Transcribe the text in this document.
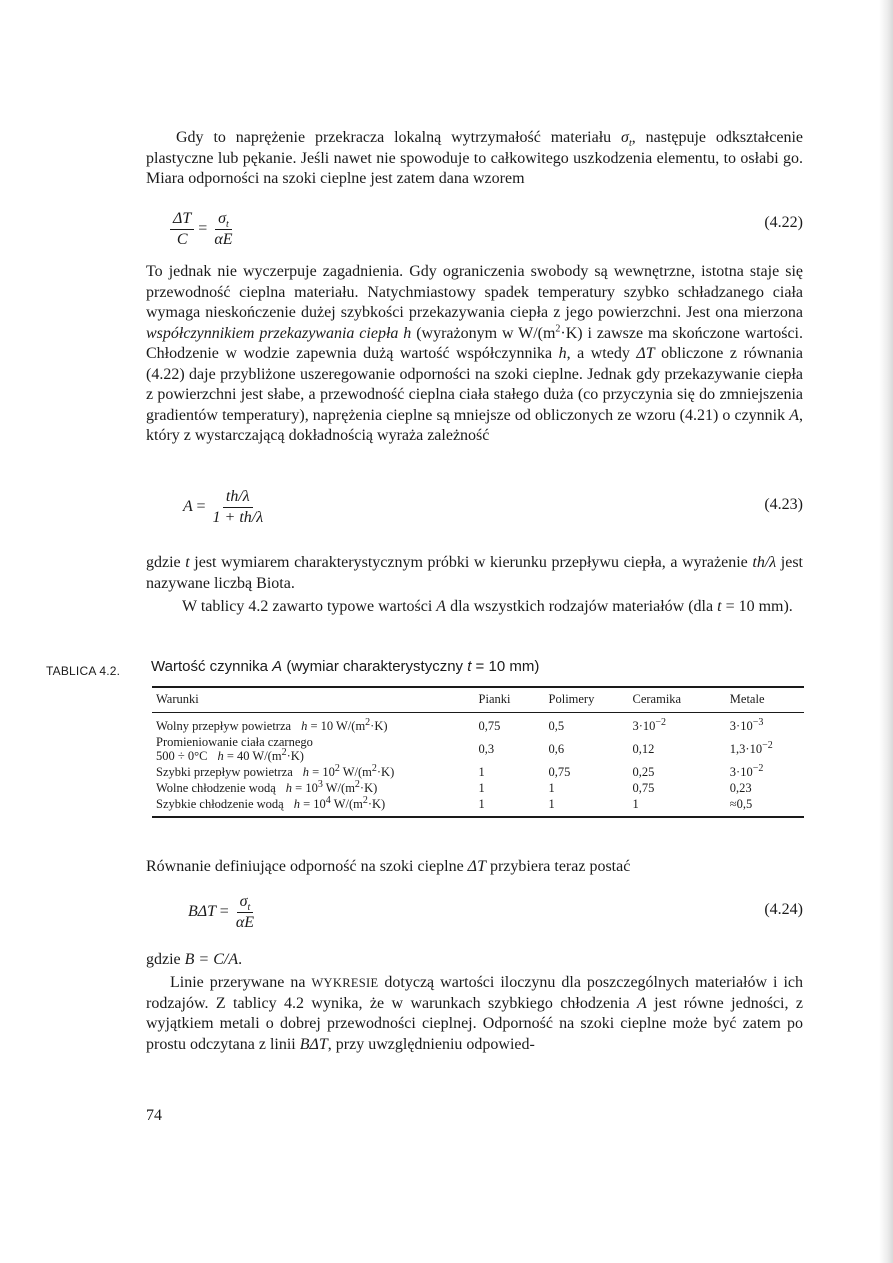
Gdy to naprężenie przekracza lokalną wytrzymałość materiału $\sigma_t$, następuje odkształcenie plastyczne lub pękanie. Jeśli nawet nie spowoduje to całkowitego uszkodzenia elementu, to osłabi go. Miara odporności na szoki cieplne jest zatem dana wzorem

$\frac{\Delta T}{C} = \frac{\sigma_t}{\alpha E}$	(4.22)

To jednak nie wyczerpuje zagadnienia. Gdy ograniczenia swobody są wewnętrzne, istotna staje się przewodność cieplna materiału. Natychmiastowy spadek temperatury szybko schładzanego ciała wymaga nieskończenie dużej szybkości przekazywania ciepła z jego powierzchni. Jest ona mierzona współczynnikiem przekazywania ciepła h (wyrażonym w $W/(m^2\cdot K)$ i zawsze ma skończone wartości. Chłodzenie w wodzie zapewnia dużą wartość współczynnika h, a wtedy ΔT obliczone z równania (4.22) daje przybliżone uszeregowanie odporności na szoki cieplne. Jednak gdy przekazywanie ciepła z powierzchni jest słabe, a przewodność cieplna ciała stałego duża (co przyczynia się do zmniejszenia gradientów temperatury), naprężenia cieplne są mniejsze od obliczonych ze wzoru (4.21) o czynnik A, który z wystarczającą dokładnością wyraża zależność

$A = \frac{th/\lambda}{1 + th/\lambda}$	(4.23)

gdzie t jest wymiarem charakterystycznym próbki w kierunku przepływu ciepła, a wyrażenie th/λ jest nazywane liczbą Biota.

W tablicy 4.2 zawarto typowe wartości A dla wszystkich rodzajów materiałów (dla t = 10 mm).

TABLICA 4.2. Wartość czynnika A (wymiar charakterystyczny t = 10 mm)
Warunki	Pianki	Polimery	Ceramika	Metale
Wolny przepływ powietrza h = 10 $W/(m^2\cdot K)$	0,75	0,5	$3\cdot 10^{-2}$	$3\cdot 10^{-3}$

Promieniowanie ciała czarnego
500 ÷ 0°C h = 40 $W/(m^2\cdot K)$	0,3	0,6	0,12	$1,3\cdot 10^{-2}$
Szybki przepływ powietrza $h = 10^2$ $W/(m^2\cdot K)$	1	0,75	0,25	$3\cdot 10^{-2}$
Wolne chłodzenie wodą $h = 10^3$ $W/(m^2\cdot K)$	1	1	0,75	0,23
Szybkie chłodzenie wodą $h = 10^4$ $W/(m^2\cdot K)$	1	1	1	≈0,5

Równanie definiujące odporność na szoki cieplne ΔT przybiera teraz postać

$B\Delta T = \frac{\sigma_t}{\alpha E}$	(4.24)

gdzie B = C/A.

Linie przerywane na WYKRESIE dotyczą wartości iloczynu dla poszczególnych materiałów i ich rodzajów. Z tablicy 4.2 wynika, że w warunkach szybkiego chłodzenia A jest równe jedności, z wyjątkiem metali o dobrej przewodności cieplnej. Odporność na szoki cieplne może być zatem po prostu odczytana z linii BΔT, przy uwzględnieniu odpowied-

74
